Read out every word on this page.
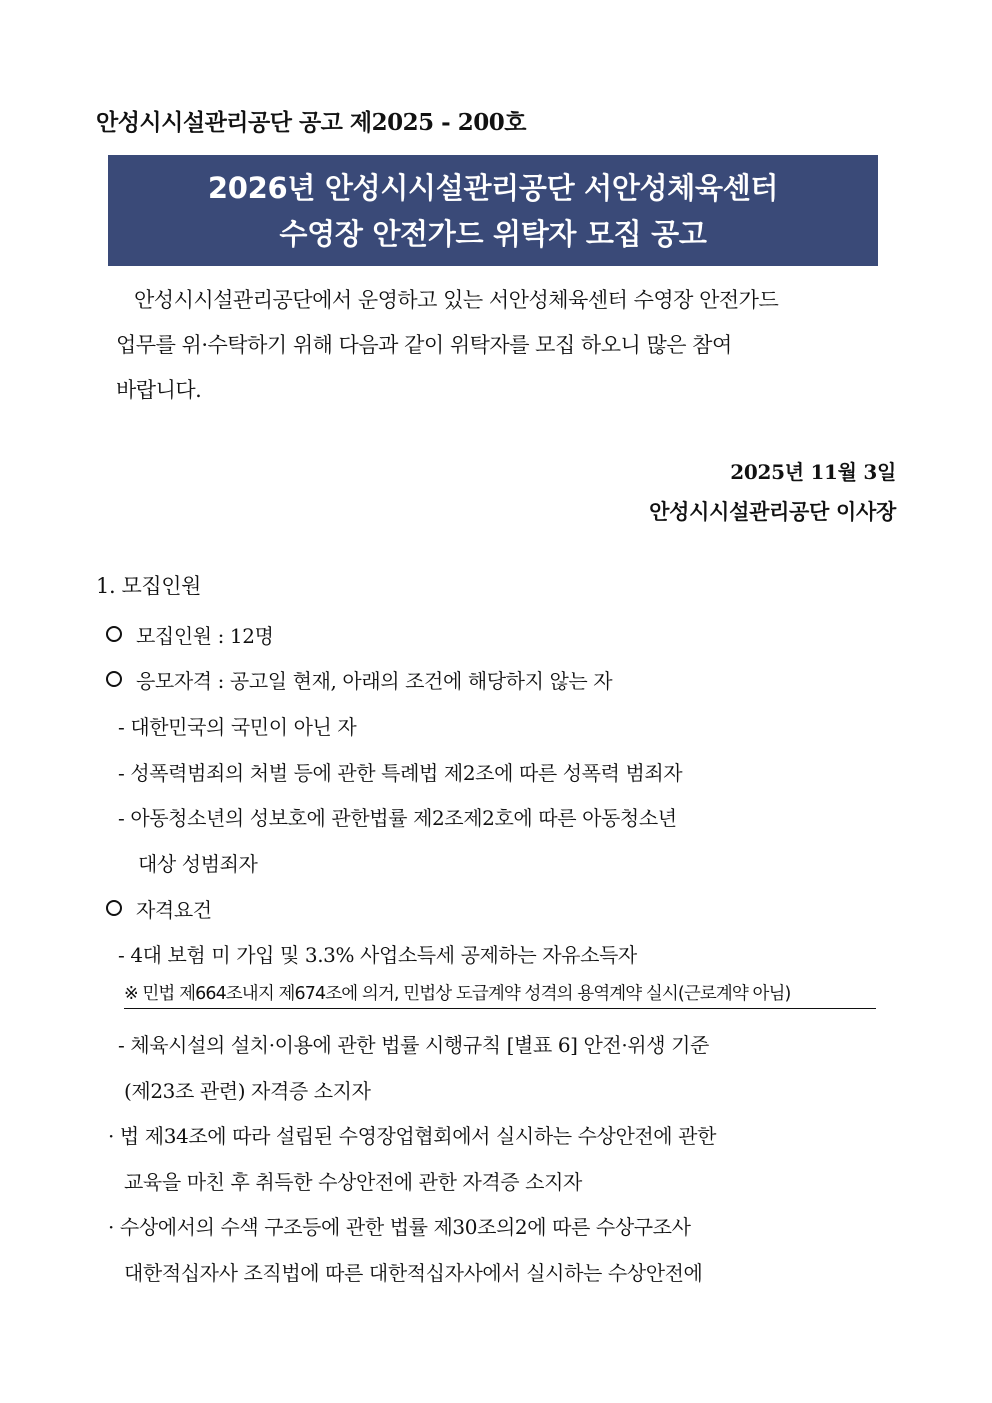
안성시시설관리공단 공고 제2025 - 200호
2026년 안성시시설관리공단 서안성체육센터
수영장 안전가드 위탁자 모집 공고
안성시시설관리공단에서 운영하고 있는 서안성체육센터 수영장 안전가드
업무를 위·수탁하기 위해 다음과 같이 위탁자를 모집 하오니 많은 참여
바랍니다.
2025년 11월 3일
안성시시설관리공단 이사장
1. 모집인원
모집인원 : 12명
응모자격 : 공고일 현재, 아래의 조건에 해당하지 않는 자
- 대한민국의 국민이 아닌 자
- 성폭력범죄의 처벌 등에 관한 특례법 제2조에 따른 성폭력 범죄자
- 아동청소년의 성보호에 관한법률 제2조제2호에 따른 아동청소년
대상 성범죄자
자격요건
- 4대 보험 미 가입 및 3.3% 사업소득세 공제하는 자유소득자
※ 민법 제664조내지 제674조에 의거, 민법상 도급계약 성격의 용역계약 실시(근로계약 아님)
- 체육시설의 설치·이용에 관한 법률 시행규칙 [별표 6] 안전·위생 기준
(제23조 관련) 자격증 소지자
· 법 제34조에 따라 설립된 수영장업협회에서 실시하는 수상안전에 관한
교육을 마친 후 취득한 수상안전에 관한 자격증 소지자
· 수상에서의 수색 구조등에 관한 법률 제30조의2에 따른 수상구조사
대한적십자사 조직법에 따른 대한적십자사에서 실시하는 수상안전에
